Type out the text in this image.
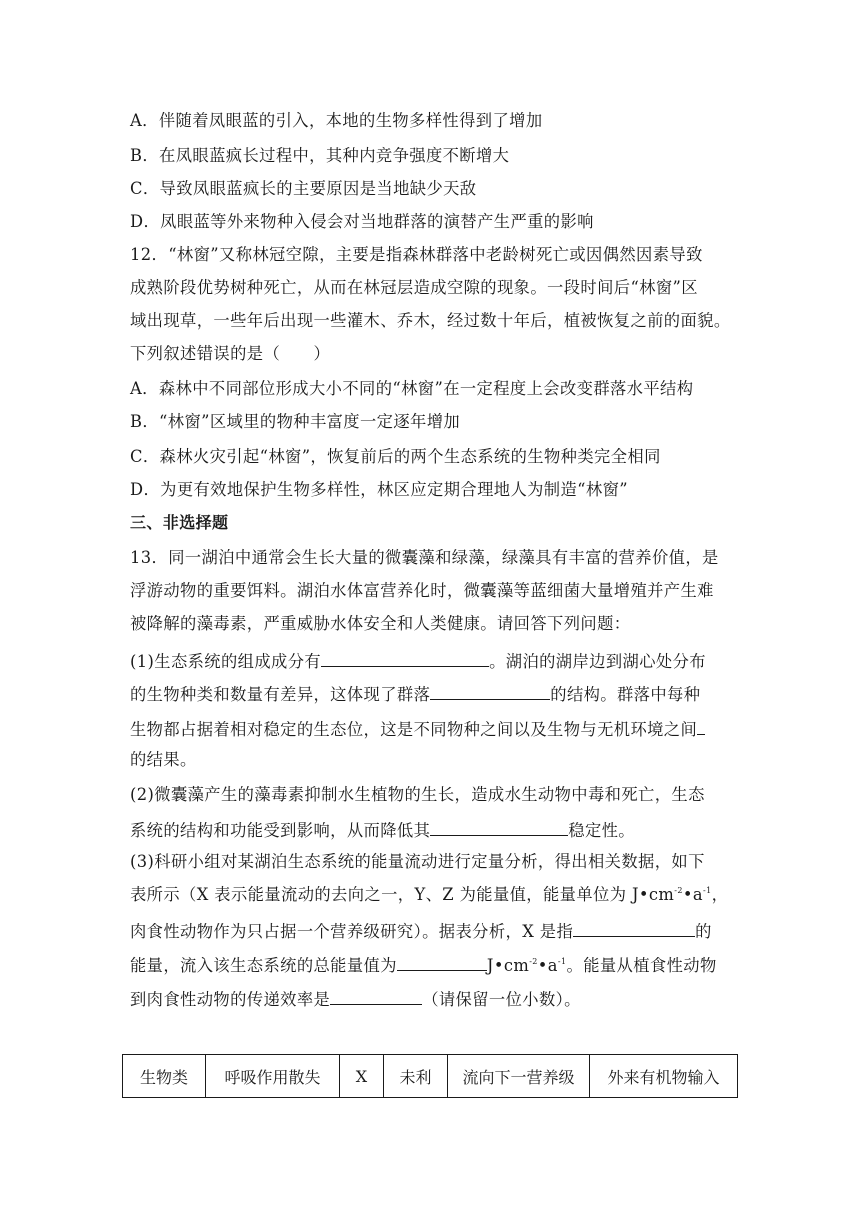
A．伴随着凤眼蓝的引入，本地的生物多样性得到了增加
B．在凤眼蓝疯长过程中，其种内竞争强度不断增大
C．导致凤眼蓝疯长的主要原因是当地缺少天敌
D．凤眼蓝等外来物种入侵会对当地群落的演替产生严重的影响
12．“林窗”又称林冠空隙，主要是指森林群落中老龄树死亡或因偶然因素导致
成熟阶段优势树种死亡，从而在林冠层造成空隙的现象。一段时间后“林窗”区
域出现草，一些年后出现一些灌木、乔木，经过数十年后，植被恢复之前的面貌。
下列叙述错误的是（　　）
A．森林中不同部位形成大小不同的“林窗”在一定程度上会改变群落水平结构
B．“林窗”区域里的物种丰富度一定逐年增加
C．森林火灾引起“林窗”，恢复前后的两个生态系统的生物种类完全相同
D．为更有效地保护生物多样性，林区应定期合理地人为制造“林窗”
三、非选择题
13．同一湖泊中通常会生长大量的微囊藻和绿藻，绿藻具有丰富的营养价值，是
浮游动物的重要饵料。湖泊水体富营养化时，微囊藻等蓝细菌大量增殖并产生难
被降解的藻毒素，严重威胁水体安全和人类健康。请回答下列问题：
(1)生态系统的组成成分有	。湖泊的湖岸边到湖心处分布
的生物种类和数量有差异，这体现了群落	的结构。群落中每种
生物都占据着相对稳定的生态位，这是不同物种之间以及生物与无机环境之间
的结果。
(2)微囊藻产生的藻毒素抑制水生植物的生长，造成水生动物中毒和死亡，生态
系统的结构和功能受到影响，从而降低其	稳定性。
(3)科研小组对某湖泊生态系统的能量流动进行定量分析，得出相关数据，如下
表所示（X 表示能量流动的去向之一，Y、Z 为能量值，能量单位为 $J•cm^{-2}•a^{-1}$，
肉食性动物作为只占据一个营养级研究）。据表分析，X 是指	的
能量，流入该生态系统的总能量值为	$J•cm^{-2}•a^{-1}$。能量从植食性动物
到肉食性动物的传递效率是	（请保留一位小数）。
生物类	呼吸作用散失	X	未利	流向下一营养级	外来有机物输入
